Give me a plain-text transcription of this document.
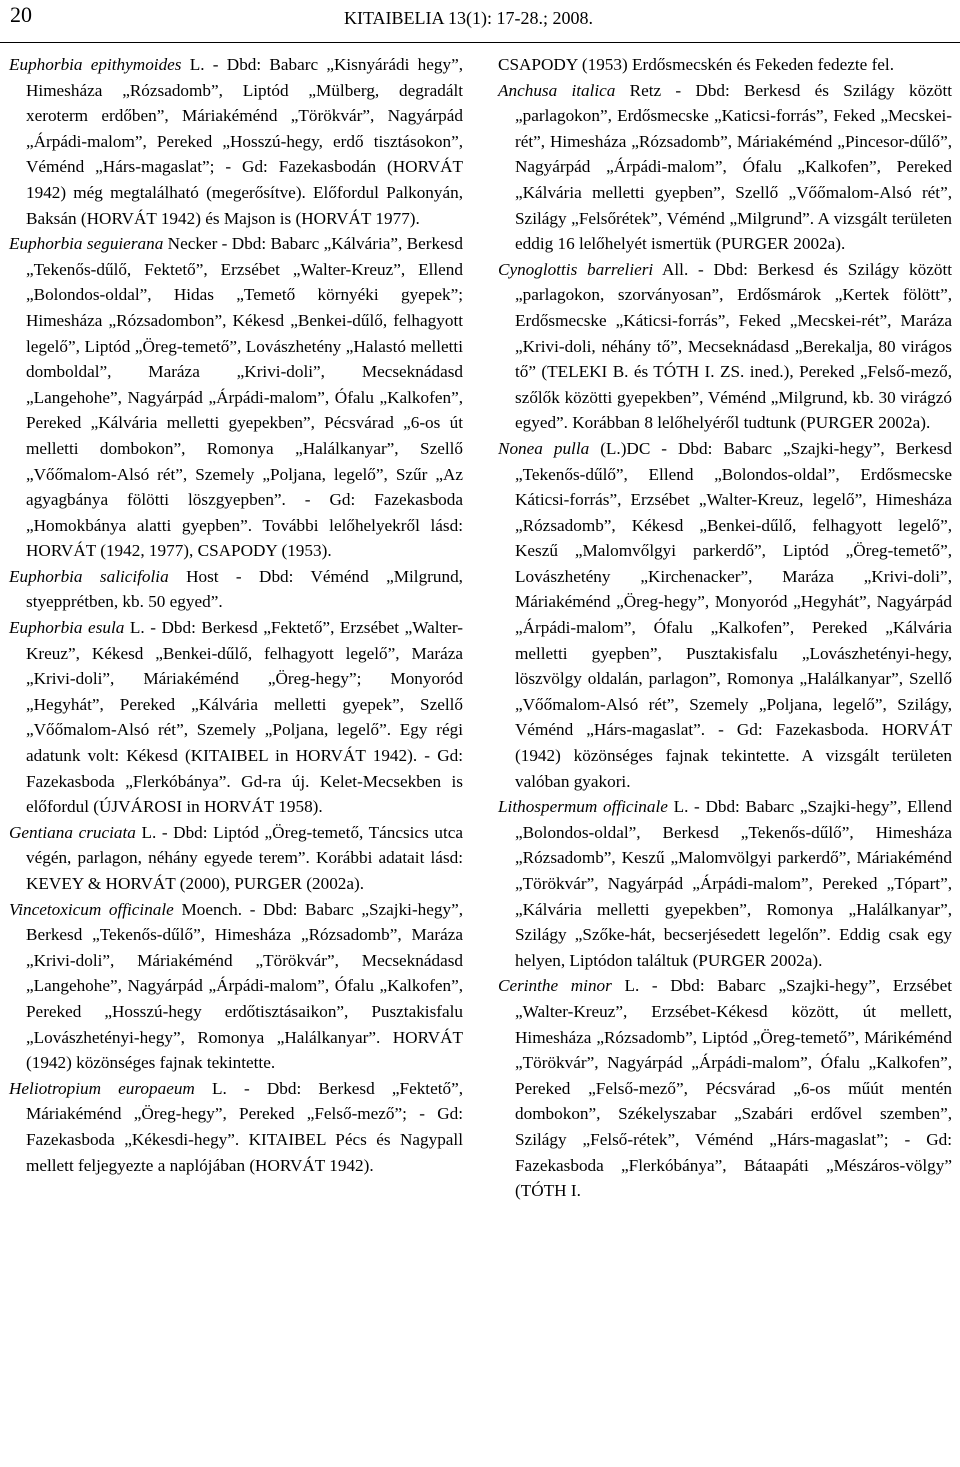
20	KITAIBELIA 13(1): 17-28.; 2008.

Euphorbia epithymoides L. - Dbd: Babarc „Kisnyárádi hegy”, Himesháza „Rózsadomb”, Liptód „Mülberg, degradált xeroterm erdőben”, Máriakéménd „Törökvár”, Nagyárpád „Árpádi-malom”, Pereked „Hosszú-hegy, erdő tisztásokon”, Véménd „Hárs-magaslat”; - Gd: Fazekasbodán (HORVÁT 1942) még megtalálható (megerősítve). Előfordul Palkonyán, Baksán (HORVÁT 1942) és Majson is (HORVÁT 1977).

Euphorbia seguierana Necker - Dbd: Babarc „Kálvária”, Berkesd „Tekenős-dűlő, Fektető”, Erzsébet „Walter-Kreuz”, Ellend „Bolondos-oldal”, Hidas „Temető környéki gyepek”; Himesháza „Rózsadombon”, Kékesd „Benkei-dűlő, felhagyott legelő”, Liptód „Öreg-temető”, Lovászhetény „Halastó melletti domboldal”, Maráza „Krivi-doli”, Mecseknádasd „Langehohe”, Nagyárpád „Árpádi-malom”, Ófalu „Kalkofen”, Pereked „Kálvária melletti gyepekben”, Pécsvárad „6-os út melletti dombokon”, Romonya „Halálkanyar”, Szellő „Vőőmalom-Alsó rét”, Szemely „Poljana, legelő”, Szűr „Az agyagbánya fölötti löszgyepben”. - Gd: Fazekasboda „Homokbánya alatti gyepben”. További lelőhelyekről lásd: HORVÁT (1942, 1977), CSAPODY (1953).

Euphorbia salicifolia Host - Dbd: Véménd „Milgrund, styepprétben, kb. 50 egyed”.

Euphorbia esula L. - Dbd: Berkesd „Fektető”, Erzsébet „Walter-Kreuz”, Kékesd „Benkei-dűlő, felhagyott legelő”, Maráza „Krivi-doli”, Máriakéménd „Öreg-hegy”; Monyoród „Hegyhát”, Pereked „Kálvária melletti gyepek”, Szellő „Vőőmalom-Alsó rét”, Szemely „Poljana, legelő”. Egy régi adatunk volt: Kékesd (KITAIBEL in HORVÁT 1942). - Gd: Fazekasboda „Flerkóbánya”. Gd-ra új. Kelet-Mecsekben is előfordul (ÚJVÁROSI in HORVÁT 1958).

Gentiana cruciata L. - Dbd: Liptód „Öreg-temető, Táncsics utca végén, parlagon, néhány egyede terem”. Korábbi adatait lásd: KEVEY & HORVÁT (2000), PURGER (2002a).

Vincetoxicum officinale Moench. - Dbd: Babarc „Szajki-hegy”, Berkesd „Tekenős-dűlő”, Himesháza „Rózsadomb”, Maráza „Krivi-doli”, Máriakéménd „Törökvár”, Mecseknádasd „Langehohe”, Nagyárpád „Árpádi-malom”, Ófalu „Kalkofen”, Pereked „Hosszú-hegy erdőtisztásaikon”, Pusztakisfalu „Lovászhetényi-hegy”, Romonya „Halálkanyar”. HORVÁT (1942) közönséges fajnak tekintette.

Heliotropium europaeum L. - Dbd: Berkesd „Fektető”, Máriakéménd „Öreg-hegy”, Pereked „Felső-mező”; - Gd: Fazekasboda „Kékesdi-hegy”. KITAIBEL Pécs és Nagypall mellett feljegyezte a naplójában (HORVÁT 1942).

CSAPODY (1953) Erdősmecskén és Fekeden fedezte fel.

Anchusa italica Retz - Dbd: Berkesd és Szilágy között „parlagokon”, Erdősmecske „Katicsi-forrás”, Feked „Mecskei-rét”, Himesháza „Rózsadomb”, Máriakéménd „Pincesor-dűlő”, Nagyárpád „Árpádi-malom”, Ófalu „Kalkofen”, Pereked „Kálvária melletti gyepben”, Szellő „Vőőmalom-Alsó rét”, Szilágy „Felsőrétek”, Véménd „Milgrund”. A vizsgált területen eddig 16 lelőhelyét ismertük (PURGER 2002a).

Cynoglottis barrelieri All. - Dbd: Berkesd és Szilágy között „parlagokon, szorványosan”, Erdősmárok „Kertek fölött”, Erdősmecske „Káticsi-forrás”, Feked „Mecskei-rét”, Maráza „Krivi-doli, néhány tő”, Mecseknádasd „Berekalja, 80 virágos tő” (TELEKI B. és TÓTH I. ZS. ined.), Pereked „Felső-mező, szőlők közötti gyepekben”, Véménd „Milgrund, kb. 30 virágzó egyed”. Korábban 8 lelőhelyéről tudtunk (PURGER 2002a).

Nonea pulla (L.)DC - Dbd: Babarc „Szajki-hegy”, Berkesd „Tekenős-dűlő”, Ellend „Bolondos-oldal”, Erdősmecske Káticsi-forrás”, Erzsébet „Walter-Kreuz, legelő”, Himesháza „Rózsadomb”, Kékesd „Benkei-dűlő, felhagyott legelő”, Keszű „Malomvőlgyi parkerdő”, Liptód „Öreg-temető”, Lovászhetény „Kirchenacker”, Maráza „Krivi-doli”, Máriakéménd „Öreg-hegy”, Monyoród „Hegyhát”, Nagyárpád „Árpádi-malom”, Ófalu „Kalkofen”, Pereked „Kálvária melletti gyepben”, Pusztakisfalu „Lovászhetényi-hegy, löszvölgy oldalán, parlagon”, Romonya „Halálkanyar”, Szellő „Vőőmalom-Alsó rét”, Szemely „Poljana, legelő”, Szilágy, Véménd „Hárs-magaslat”. - Gd: Fazekasboda. HORVÁT (1942) közönséges fajnak tekintette. A vizsgált területen valóban gyakori.

Lithospermum officinale L. - Dbd: Babarc „Szajki-hegy”, Ellend „Bolondos-oldal”, Berkesd „Tekenős-dűlő”, Himesháza „Rózsadomb”, Keszű „Malomvölgyi parkerdő”, Máriakéménd „Törökvár”, Nagyárpád „Árpádi-malom”, Pereked „Tópart”, „Kálvária melletti gyepekben”, Romonya „Halálkanyar”, Szilágy „Szőke-hát, becserjésedett legelőn”. Eddig csak egy helyen, Liptódon találtuk (PURGER 2002a).

Cerinthe minor L. - Dbd: Babarc „Szajki-hegy”, Erzsébet „Walter-Kreuz”, Erzsébet-Kékesd között, út mellett, Himesháza „Rózsadomb”, Liptód „Öreg-temető”, Márikéménd „Törökvár”, Nagyárpád „Árpádi-malom”, Ófalu „Kalkofen”, Pereked „Felső-mező”, Pécsvárad „6-os műút mentén dombokon”, Székelyszabar „Szabári erdővel szemben”, Szilágy „Felső-rétek”, Véménd „Hárs-magaslat”; - Gd: Fazekasboda „Flerkóbánya”, Bátaapáti „Mészáros-völgy” (TÓTH I.
